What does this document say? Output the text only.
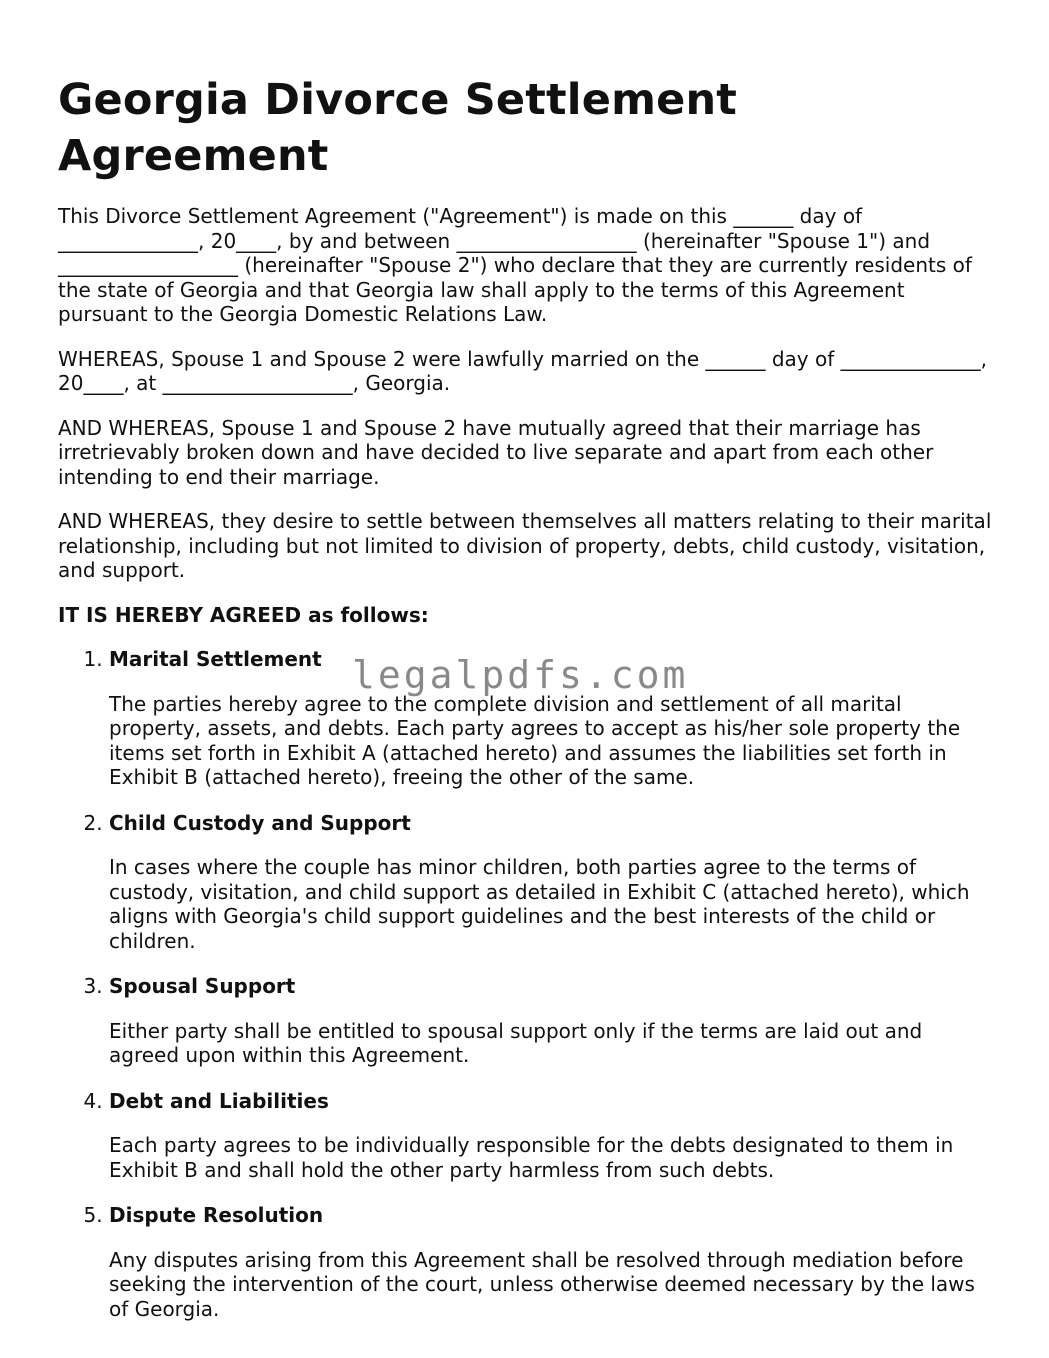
Georgia Divorce Settlement Agreement

This Divorce Settlement Agreement ("Agreement") is made on this ______ day of ______________, 20____, by and between __________________ (hereinafter "Spouse 1") and __________________ (hereinafter "Spouse 2") who declare that they are currently residents of the state of Georgia and that Georgia law shall apply to the terms of this Agreement pursuant to the Georgia Domestic Relations Law.

WHEREAS, Spouse 1 and Spouse 2 were lawfully married on the ______ day of ______________, 20____, at ___________________, Georgia.

AND WHEREAS, Spouse 1 and Spouse 2 have mutually agreed that their marriage has irretrievably broken down and have decided to live separate and apart from each other intending to end their marriage.

AND WHEREAS, they desire to settle between themselves all matters relating to their marital relationship, including but not limited to division of property, debts, child custody, visitation, and support.

IT IS HEREBY AGREED as follows:

1. Marital Settlement
The parties hereby agree to the complete division and settlement of all marital property, assets, and debts. Each party agrees to accept as his/her sole property the items set forth in Exhibit A (attached hereto) and assumes the liabilities set forth in Exhibit B (attached hereto), freeing the other of the same.
2. Child Custody and Support
In cases where the couple has minor children, both parties agree to the terms of custody, visitation, and child support as detailed in Exhibit C (attached hereto), which aligns with Georgia's child support guidelines and the best interests of the child or children.
3. Spousal Support
Either party shall be entitled to spousal support only if the terms are laid out and agreed upon within this Agreement.
4. Debt and Liabilities
Each party agrees to be individually responsible for the debts designated to them in Exhibit B and shall hold the other party harmless from such debts.
5. Dispute Resolution
Any disputes arising from this Agreement shall be resolved through mediation before seeking the intervention of the court, unless otherwise deemed necessary by the laws of Georgia.
legalpdfs.com
